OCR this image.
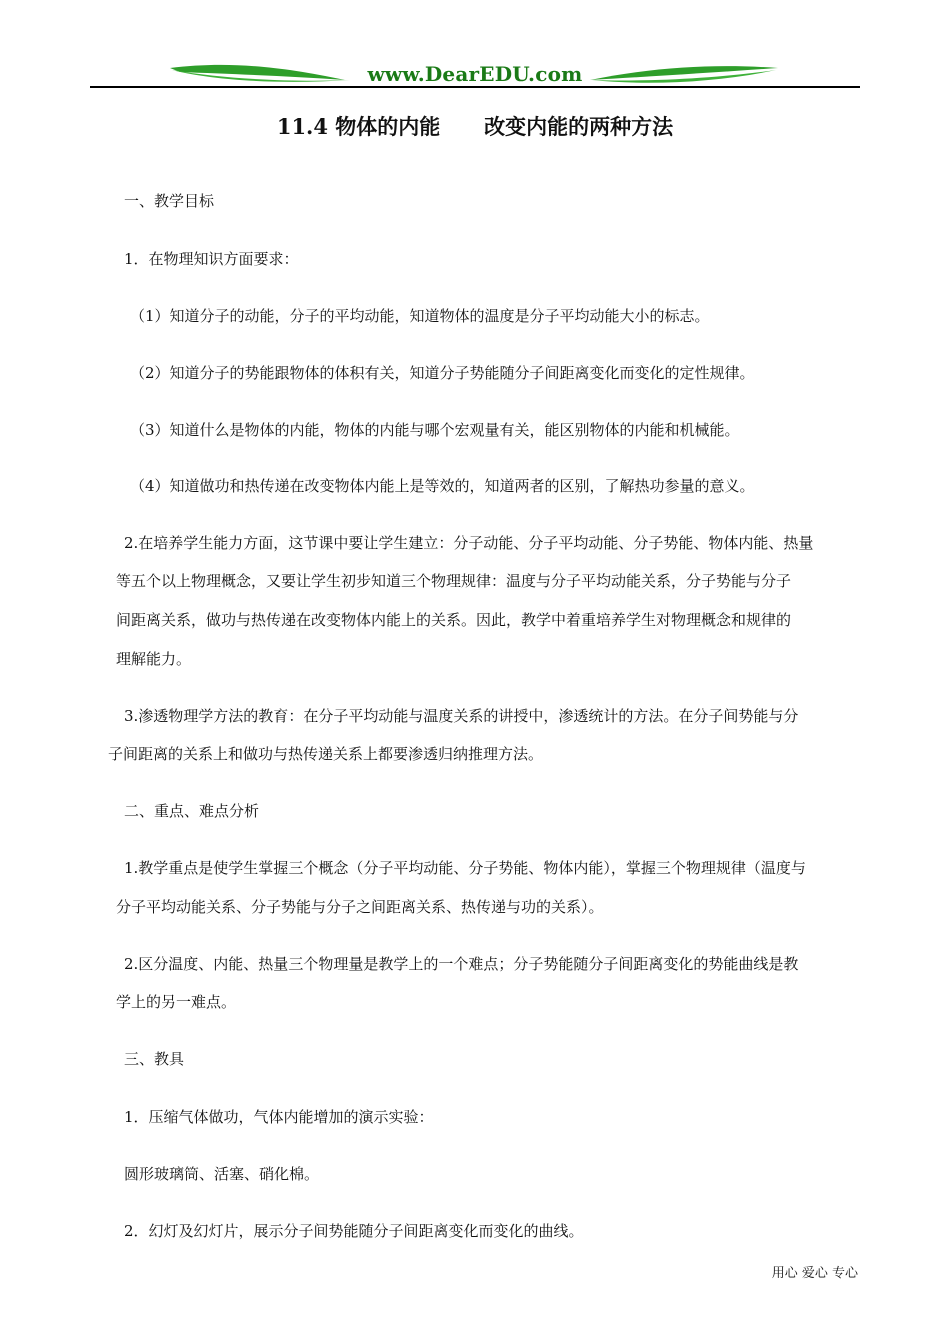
www.DearEDU.com
11.4 物体的内能      改变内能的两种方法
一、教学目标
1．在物理知识方面要求：
（1）知道分子的动能，分子的平均动能，知道物体的温度是分子平均动能大小的标志。
（2）知道分子的势能跟物体的体积有关，知道分子势能随分子间距离变化而变化的定性规律。
（3）知道什么是物体的内能，物体的内能与哪个宏观量有关，能区别物体的内能和机械能。
（4）知道做功和热传递在改变物体内能上是等效的，知道两者的区别，了解热功参量的意义。
2.在培养学生能力方面，这节课中要让学生建立：分子动能、分子平均动能、分子势能、物体内能、热量
等五个以上物理概念，又要让学生初步知道三个物理规律：温度与分子平均动能关系，分子势能与分子
间距离关系，做功与热传递在改变物体内能上的关系。因此，教学中着重培养学生对物理概念和规律的
理解能力。
3.渗透物理学方法的教育：在分子平均动能与温度关系的讲授中，渗透统计的方法。在分子间势能与分
子间距离的关系上和做功与热传递关系上都要渗透归纳推理方法。
二、重点、难点分析
1.教学重点是使学生掌握三个概念（分子平均动能、分子势能、物体内能），掌握三个物理规律（温度与
分子平均动能关系、分子势能与分子之间距离关系、热传递与功的关系）。
2.区分温度、内能、热量三个物理量是教学上的一个难点；分子势能随分子间距离变化的势能曲线是教
学上的另一难点。
三、教具
1．压缩气体做功，气体内能增加的演示实验：
圆形玻璃筒、活塞、硝化棉。
2．幻灯及幻灯片，展示分子间势能随分子间距离变化而变化的曲线。
用心 爱心 专心
